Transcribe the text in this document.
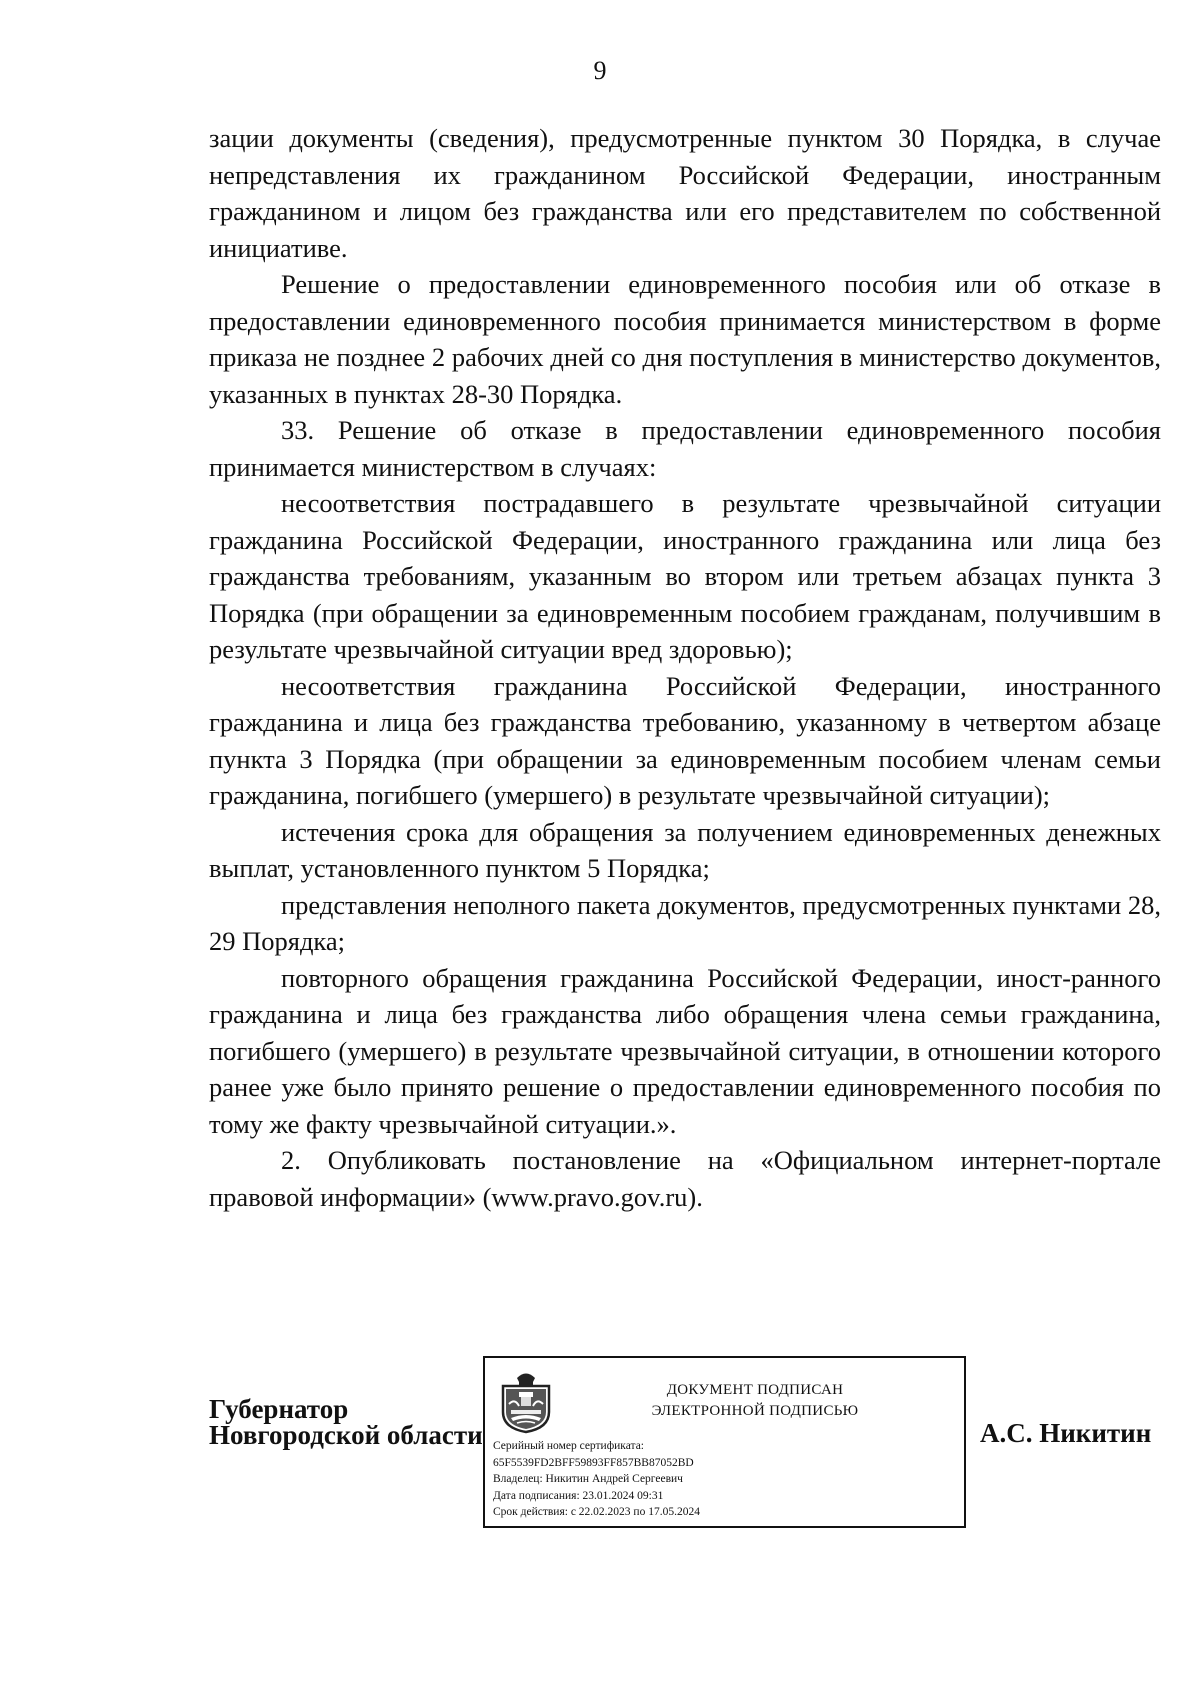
9

зации документы (сведения), предусмотренные пунктом 30 Порядка, в случае непредставления их гражданином Российской Федерации, иностранным гражданином и лицом без гражданства или его представителем по собственной инициативе.

Решение о предоставлении единовременного пособия или об отказе в предоставлении единовременного пособия принимается министерством в форме приказа не позднее 2 рабочих дней со дня поступления в министерство документов, указанных в пунктах 28-30 Порядка.

33. Решение об отказе в предоставлении единовременного пособия принимается министерством в случаях:

несоответствия пострадавшего в результате чрезвычайной ситуации гражданина Российской Федерации, иностранного гражданина или лица без гражданства требованиям, указанным во втором или третьем абзацах пункта 3 Порядка (при обращении за единовременным пособием гражданам, получившим в результате чрезвычайной ситуации вред здоровью);

несоответствия гражданина Российской Федерации, иностранного гражданина и лица без гражданства требованию, указанному в четвертом абзаце пункта 3 Порядка (при обращении за единовременным пособием членам семьи гражданина, погибшего (умершего) в результате чрезвычайной ситуации);

истечения срока для обращения за получением единовременных денежных выплат, установленного пунктом 5 Порядка;

представления неполного пакета документов, предусмотренных пунктами 28, 29 Порядка;

повторного обращения гражданина Российской Федерации, иност-ранного гражданина и лица без гражданства либо обращения члена семьи гражданина, погибшего (умершего) в результате чрезвычайной ситуации, в отношении которого ранее уже было принято решение о предоставлении единовременного пособия по тому же факту чрезвычайной ситуации.».

2. Опубликовать постановление на «Официальном интернет-портале правовой информации» (www.pravo.gov.ru).

Губернатор
Новгородской области
ДОКУМЕНТ ПОДПИСАН
ЭЛЕКТРОННОЙ ПОДПИСЬЮ
Серийный номер сертификата:
65F5539FD2BFF59893FF857BB87052BD
Владелец: Никитин Андрей Сергеевич
Дата подписания: 23.01.2024 09:31
Срок действия: с 22.02.2023 по 17.05.2024
А.С. Никитин
